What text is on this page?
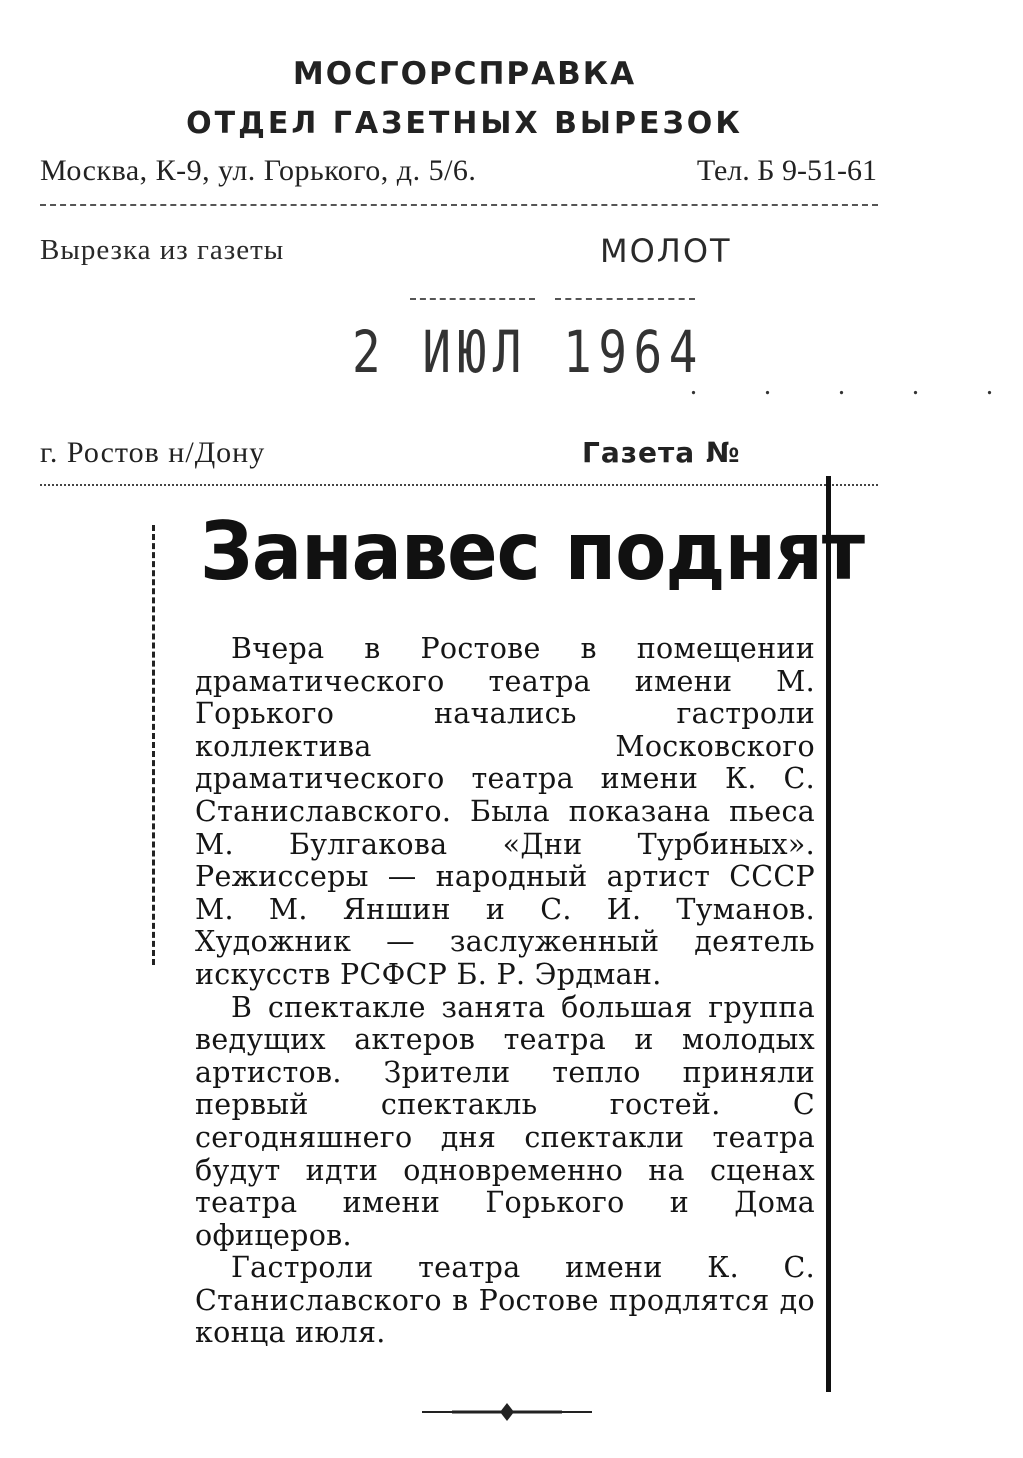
МОСГОРСПРАВКА
ОТДЕЛ ГАЗЕТНЫХ ВЫРЕЗОК
Москва, К-9, ул. Горького, д. 5/6.	Тел. Б 9-51-61
Вырезка из газеты	МОЛОТ
2 ИЮЛ 1964
. . . . .
г. Ростов н/Дону	Газета №
Занавес поднят

Вчера в Ростове в помещении драматического театра имени М. Горького начались гастроли коллектива Московского драматического театра имени К. С. Станиславского. Была показана пьеса М. Булгакова «Дни Турбиных». Режиссеры — народный артист СССР М. М. Яншин и С. И. Туманов. Художник — заслуженный деятель искусств РСФСР Б. Р. Эрдман.

В спектакле занята большая группа ведущих актеров театра и молодых артистов. Зрители тепло приняли первый спектакль гостей. С сегодняшнего дня спектакли театра будут идти одновременно на сценах театра имени Горького и Дома офицеров.

Гастроли театра имени К. С. Станиславского в Ростове продлятся до конца июля.
